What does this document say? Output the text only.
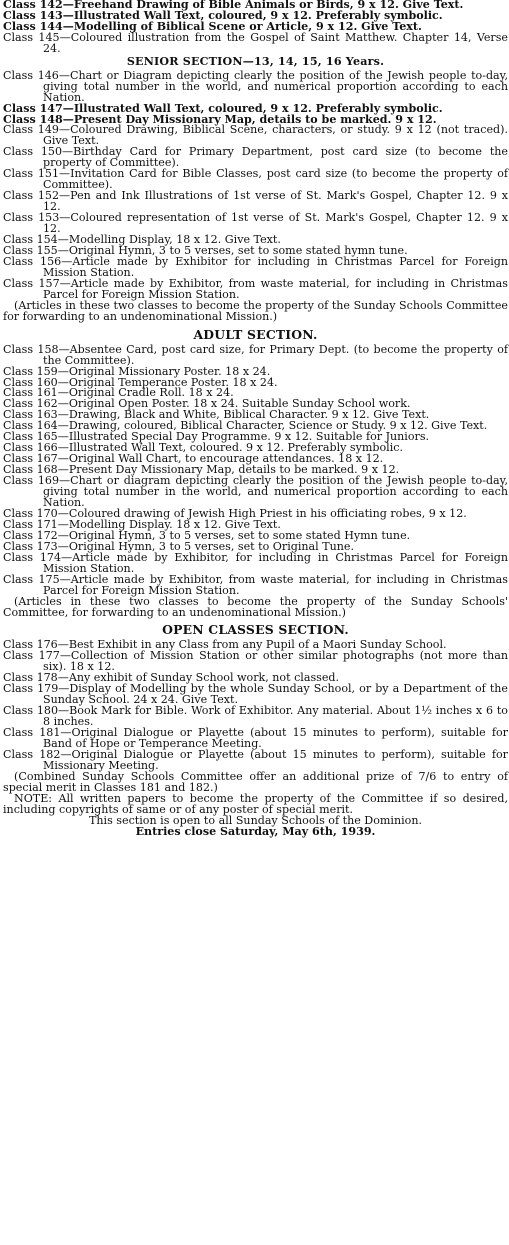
Class 142—Freehand Drawing of Bible Animals or Birds, 9 x 12. Give Text.

Class 143—Illustrated Wall Text, coloured, 9 x 12. Preferably symbolic.

Class 144—Modelling of Biblical Scene or Article, 9 x 12. Give Text.

Class 145—Coloured illustration from the Gospel of Saint Matthew. Chapter 14, Verse 24.

SENIOR SECTION—13, 14, 15, 16 Years.

Class 146—Chart or Diagram depicting clearly the position of the Jewish people to-day, giving total number in the world, and numerical proportion according to each Nation.

Class 147—Illustrated Wall Text, coloured, 9 x 12. Preferably symbolic.

Class 148—Present Day Missionary Map, details to be marked. 9 x 12.

Class 149—Coloured Drawing, Biblical Scene, characters, or study. 9 x 12 (not traced). Give Text.

Class 150—Birthday Card for Primary Department, post card size (to become the property of Committee).

Class 151—Invitation Card for Bible Classes, post card size (to become the property of Committee).

Class 152—Pen and Ink Illustrations of 1st verse of St. Mark's Gospel, Chapter 12. 9 x 12.

Class 153—Coloured representation of 1st verse of St. Mark's Gospel, Chapter 12. 9 x 12.

Class 154—Modelling Display, 18 x 12. Give Text.

Class 155—Original Hymn, 3 to 5 verses, set to some stated hymn tune.

Class 156—Article made by Exhibitor for including in Christmas Parcel for Foreign Mission Station.

Class 157—Article made by Exhibitor, from waste material, for including in Christmas Parcel for Foreign Mission Station.

(Articles in these two classes to become the property of the Sunday Schools Committee for forwarding to an undenominational Mission.)

ADULT SECTION.

Class 158—Absentee Card, post card size, for Primary Dept. (to become the property of the Committee).

Class 159—Original Missionary Poster. 18 x 24.

Class 160—Original Temperance Poster. 18 x 24.

Class 161—Original Cradle Roll. 18 x 24.

Class 162—Original Open Poster. 18 x 24. Suitable Sunday School work.

Class 163—Drawing, Black and White, Biblical Character. 9 x 12. Give Text.

Class 164—Drawing, coloured, Biblical Character, Science or Study. 9 x 12. Give Text.

Class 165—Illustrated Special Day Programme. 9 x 12. Suitable for Juniors.

Class 166—Illustrated Wall Text, coloured. 9 x 12. Preferably symbolic.

Class 167—Original Wall Chart, to encourage attendances. 18 x 12.

Class 168—Present Day Missionary Map, details to be marked. 9 x 12.

Class 169—Chart or diagram depicting clearly the position of the Jewish people to-day, giving total number in the world, and numerical proportion according to each Nation.

Class 170—Coloured drawing of Jewish High Priest in his officiating robes, 9 x 12.

Class 171—Modelling Display. 18 x 12. Give Text.

Class 172—Original Hymn, 3 to 5 verses, set to some stated Hymn tune.

Class 173—Original Hymn, 3 to 5 verses, set to Original Tune.

Class 174—Article made by Exhibitor, for including in Christmas Parcel for Foreign Mission Station.

Class 175—Article made by Exhibitor, from waste material, for including in Christmas Parcel for Foreign Mission Station.

(Articles in these two classes to become the property of the Sunday Schools' Committee, for forwarding to an undenominational Mission.)

OPEN CLASSES SECTION.

Class 176—Best Exhibit in any Class from any Pupil of a Maori Sunday School.

Class 177—Collection of Mission Station or other similar photographs (not more than six). 18 x 12.

Class 178—Any exhibit of Sunday School work, not classed.

Class 179—Display of Modelling by the whole Sunday School, or by a Department of the Sunday School. 24 x 24. Give Text.

Class 180—Book Mark for Bible. Work of Exhibitor. Any material. About 1½ inches x 6 to 8 inches.

Class 181—Original Dialogue or Playette (about 15 minutes to perform), suitable for Band of Hope or Temperance Meeting.

Class 182—Original Dialogue or Playette (about 15 minutes to perform), suitable for Missionary Meeting.

(Combined Sunday Schools Committee offer an additional prize of 7/6 to entry of special merit in Classes 181 and 182.)

NOTE: All written papers to become the property of the Committee if so desired, including copyrights of same or of any poster of special merit.

This section is open to all Sunday Schools of the Dominion.

Entries close Saturday, May 6th, 1939.
